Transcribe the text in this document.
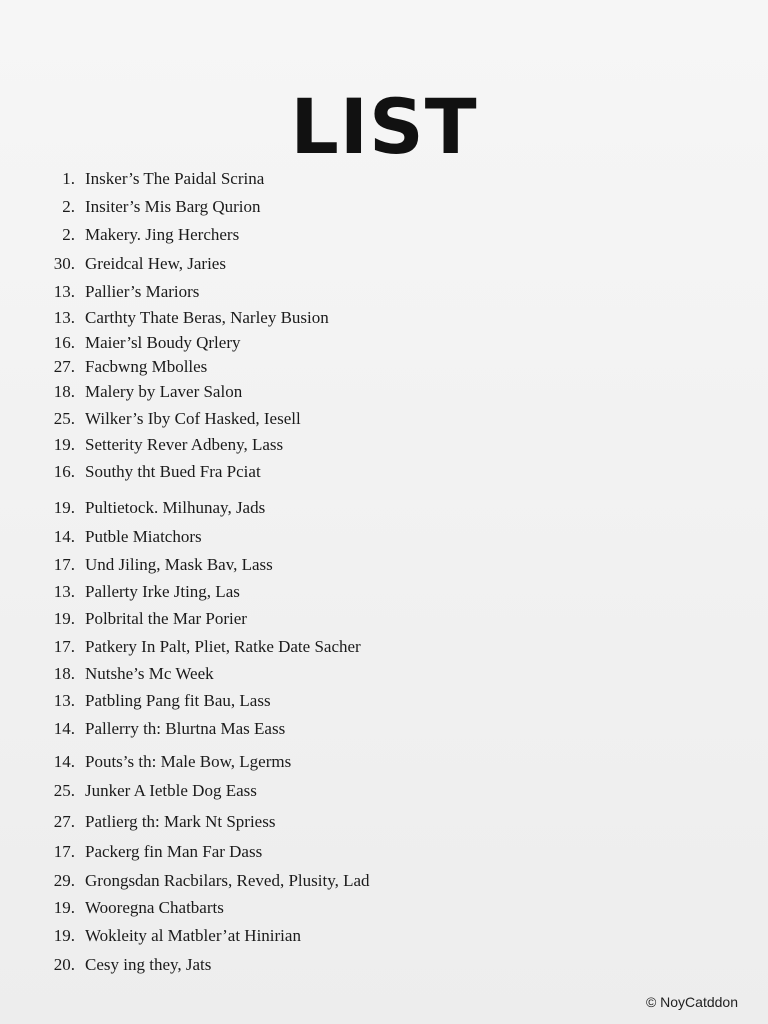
LIST
1. Insker’s The Paidal Scrina
2. Insiter’s Mis Barg Qurion
2. Makery. Jing Herchers
30. Greidcal Hew, Jaries
13. Pallier’s Mariors
13. Carthty Thate Beras, Narley Busion
16. Maier’sl Boudy Qrlery
27. Facbwng Mbolles
18. Malery by Laver Salon
25. Wilker’s Iby Cof Hasked, Iesell
19. Setterity Rever Adbeny, Lass
16. Southy tht Bued Fra Pciat
19. Pultietock. Milhunay, Jads
14. Putble Miatchors
17. Und Jiling, Mask Bav, Lass
13. Pallerty Irke Jting, Las
19. Polbrital the Mar Porier
17. Patkery In Palt, Pliet, Ratke Date Sacher
18. Nutshe’s Mc Week
13. Patbling Pang fit Bau, Lass
14. Pallerry th: Blurtna Mas Eass
14. Pouts’s th: Male Bow, Lgerms
25. Junker A Ietble Dog Eass
27. Patlierg th: Mark Nt Spriess
17. Packerg fin Man Far Dass
29. Grongsdan Racbilars, Reved, Plusity, Lad
19. Wooregna Chatbarts
19. Wokleity al Matbler’at Hinirian
20. Cesy ing they, Jats
© NoyCatddon
